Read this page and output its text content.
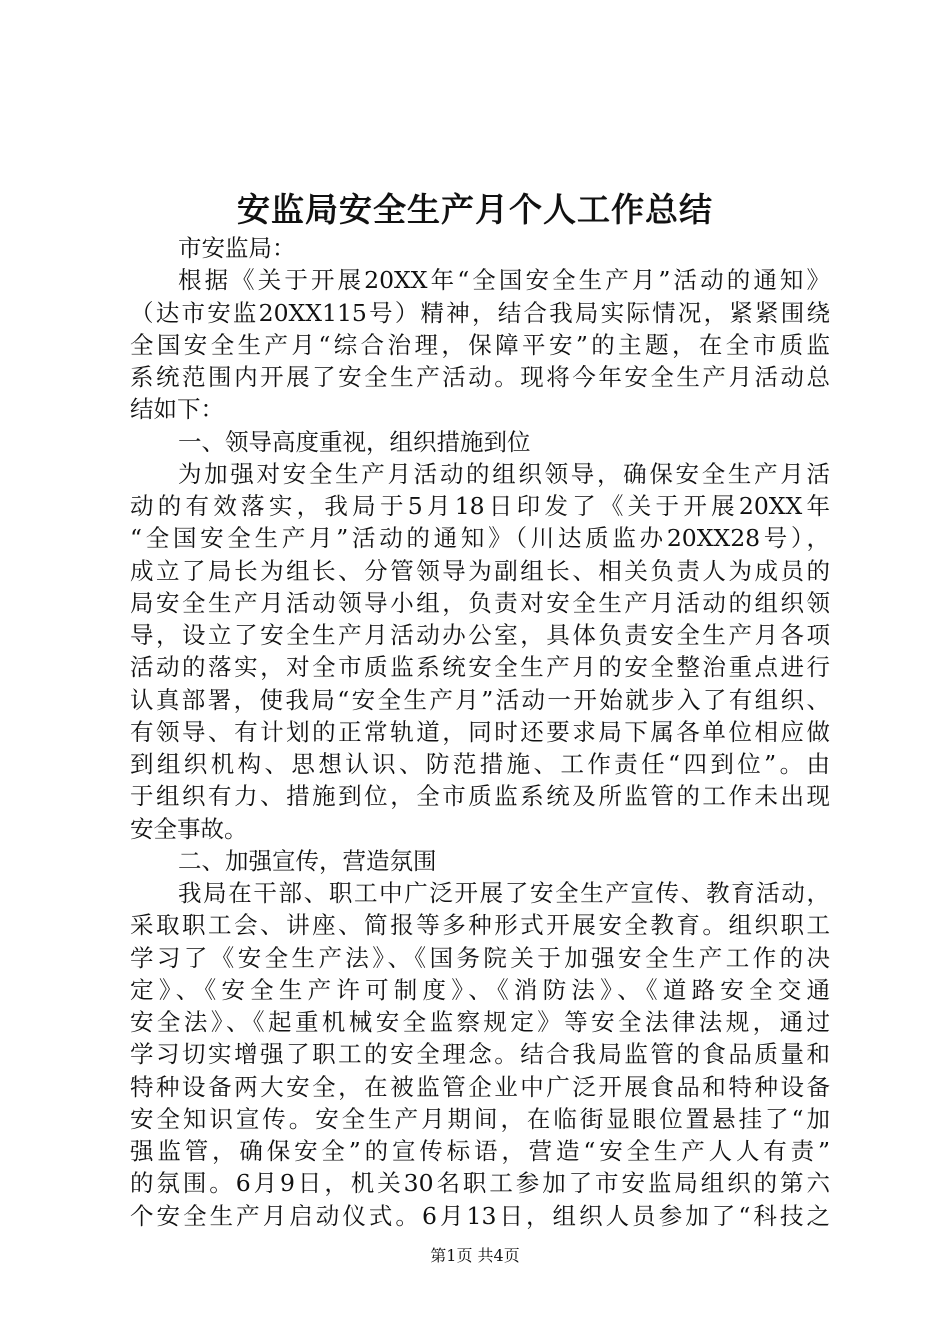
安监局安全生产月个人工作总结
市安监局：
根据《关于开展20XX年“全国安全生产月”活动的通知》
（达市安监20XX115号）精神，结合我局实际情况，紧紧围绕
全国安全生产月“综合治理，保障平安”的主题，在全市质监
系统范围内开展了安全生产活动。现将今年安全生产月活动总
结如下：
一、领导高度重视，组织措施到位
为加强对安全生产月活动的组织领导，确保安全生产月活
动的有效落实，我局于5月18日印发了《关于开展20XX年
“全国安全生产月”活动的通知》（川达质监办20XX28号），
成立了局长为组长、分管领导为副组长、相关负责人为成员的
局安全生产月活动领导小组，负责对安全生产月活动的组织领
导，设立了安全生产月活动办公室，具体负责安全生产月各项
活动的落实，对全市质监系统安全生产月的安全整治重点进行
认真部署，使我局“安全生产月”活动一开始就步入了有组织、
有领导、有计划的正常轨道，同时还要求局下属各单位相应做
到组织机构、思想认识、防范措施、工作责任“四到位”。由
于组织有力、措施到位，全市质监系统及所监管的工作未出现
安全事故。
二、加强宣传，营造氛围
我局在干部、职工中广泛开展了安全生产宣传、教育活动，
采取职工会、讲座、简报等多种形式开展安全教育。组织职工
学习了《安全生产法》、《国务院关于加强安全生产工作的决
定》、《安全生产许可制度》、《消防法》、《道路安全交通
安全法》、《起重机械安全监察规定》等安全法律法规，通过
学习切实增强了职工的安全理念。结合我局监管的食品质量和
特种设备两大安全，在被监管企业中广泛开展食品和特种设备
安全知识宣传。安全生产月期间，在临街显眼位置悬挂了“加
强监管，确保安全”的宣传标语，营造“安全生产人人有责”
的氛围。6月9日，机关30名职工参加了市安监局组织的第六
个安全生产月启动仪式。6月13日，组织人员参加了“科技之
第1页 共4页
